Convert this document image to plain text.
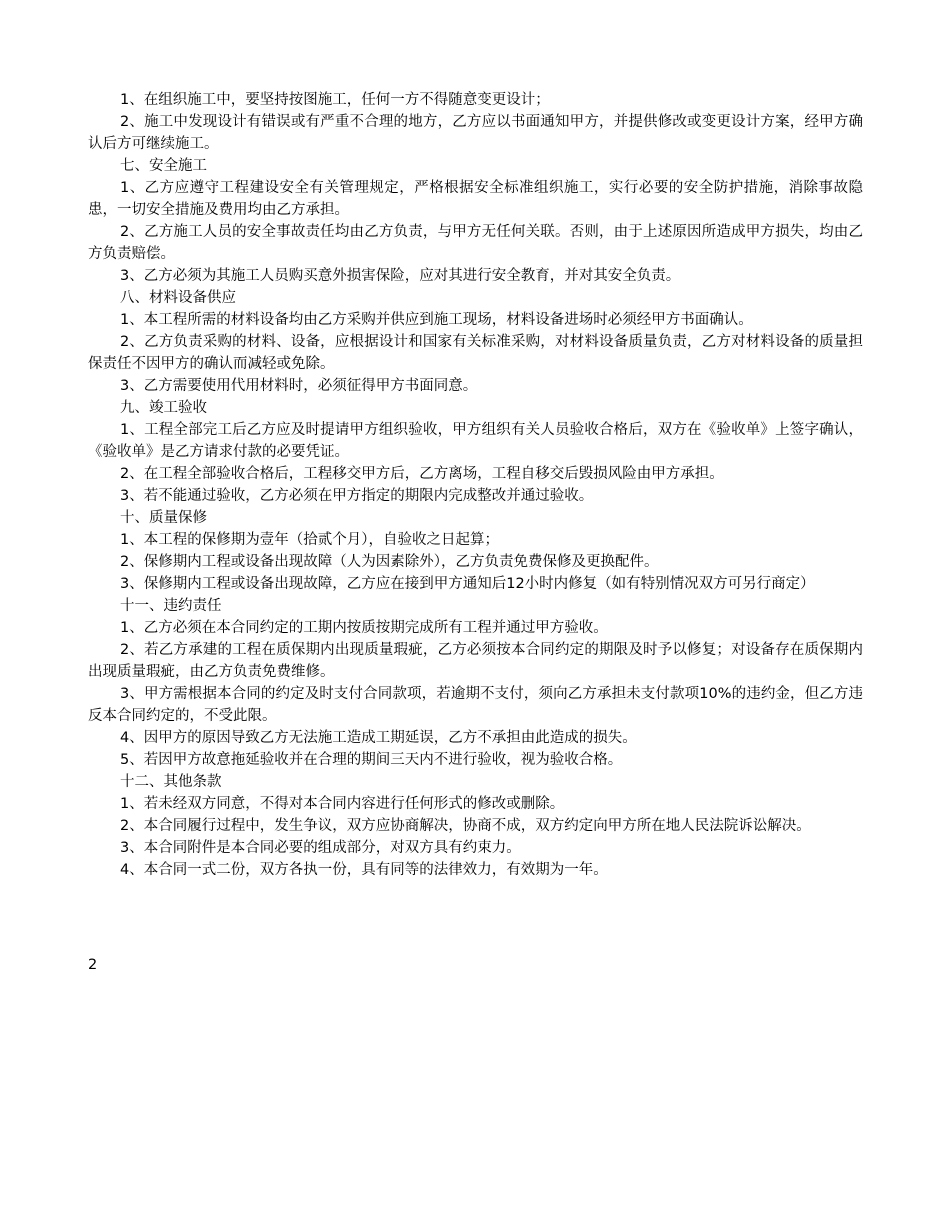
1、在组织施工中，要坚持按图施工，任何一方不得随意变更设计；

2、施工中发现设计有错误或有严重不合理的地方，乙方应以书面通知甲方，并提供修改或变更设计方案，经甲方确认后方可继续施工。

七、安全施工

1、乙方应遵守工程建设安全有关管理规定，严格根据安全标准组织施工，实行必要的安全防护措施，消除事故隐患，一切安全措施及费用均由乙方承担。

2、乙方施工人员的安全事故责任均由乙方负责，与甲方无任何关联。否则，由于上述原因所造成甲方损失，均由乙方负责赔偿。

3、乙方必须为其施工人员购买意外损害保险，应对其进行安全教育，并对其安全负责。

八、材料设备供应

1、本工程所需的材料设备均由乙方采购并供应到施工现场，材料设备进场时必须经甲方书面确认。

2、乙方负责采购的材料、设备，应根据设计和国家有关标准采购，对材料设备质量负责，乙方对材料设备的质量担保责任不因甲方的确认而减轻或免除。

3、乙方需要使用代用材料时，必须征得甲方书面同意。

九、竣工验收

1、工程全部完工后乙方应及时提请甲方组织验收，甲方组织有关人员验收合格后，双方在《验收单》上签字确认，《验收单》是乙方请求付款的必要凭证。

2、在工程全部验收合格后，工程移交甲方后，乙方离场，工程自移交后毁损风险由甲方承担。

3、若不能通过验收，乙方必须在甲方指定的期限内完成整改并通过验收。

十、质量保修

1、本工程的保修期为壹年（拾贰个月），自验收之日起算；

2、保修期内工程或设备出现故障（人为因素除外），乙方负责免费保修及更换配件。

3、保修期内工程或设备出现故障，乙方应在接到甲方通知后12小时内修复（如有特别情况双方可另行商定）

十一、违约责任

1、乙方必须在本合同约定的工期内按质按期完成所有工程并通过甲方验收。

2、若乙方承建的工程在质保期内出现质量瑕疵，乙方必须按本合同约定的期限及时予以修复；对设备存在质保期内出现质量瑕疵，由乙方负责免费维修。

3、甲方需根据本合同的约定及时支付合同款项，若逾期不支付，须向乙方承担未支付款项10%的违约金，但乙方违反本合同约定的，不受此限。

4、因甲方的原因导致乙方无法施工造成工期延误，乙方不承担由此造成的损失。

5、若因甲方故意拖延验收并在合理的期间三天内不进行验收，视为验收合格。

十二、其他条款

1、若未经双方同意，不得对本合同内容进行任何形式的修改或删除。

2、本合同履行过程中，发生争议，双方应协商解决，协商不成，双方约定向甲方所在地人民法院诉讼解决。

3、本合同附件是本合同必要的组成部分，对双方具有约束力。

4、本合同一式二份，双方各执一份，具有同等的法律效力，有效期为一年。

2
